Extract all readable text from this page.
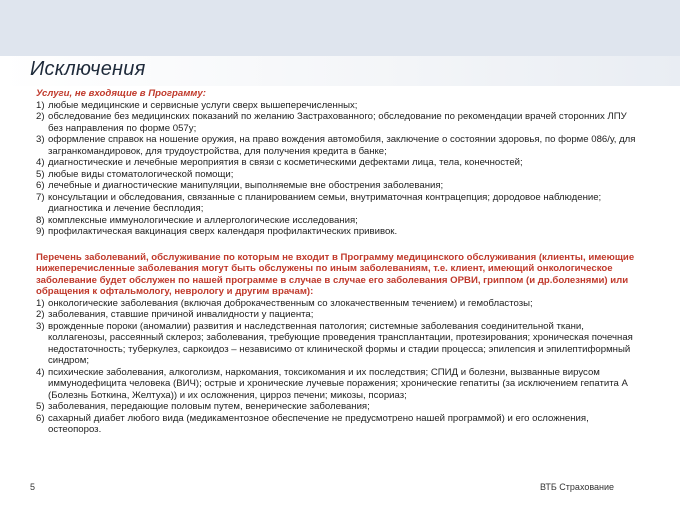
Исключения
Услуги, не входящие в Программу:
1) любые медицинские и сервисные услуги сверх вышеперечисленных;
2) обследование без медицинских показаний по желанию Застрахованного; обследование по рекомендации врачей сторонних ЛПУ без направления по форме 057у;
3) оформление справок на ношение оружия, на право вождения автомобиля, заключение о состоянии здоровья, по форме 086/у, для загранкомандировок, для трудоустройства, для получения кредита в банке;
4) диагностические и лечебные мероприятия в связи с косметическими дефектами лица, тела, конечностей;
5) любые виды стоматологической помощи;
6) лечебные и диагностические манипуляции, выполняемые вне обострения заболевания;
7) консультации и обследования, связанные с планированием семьи, внутриматочная контрацепция; дородовое наблюдение; диагностика и лечение бесплодия;
8) комплексные иммунологические и аллергологические исследования;
9) профилактическая вакцинация сверх календаря профилактических прививок.
Перечень заболеваний, обслуживание по которым не входит в Программу медицинского обслуживания (клиенты, имеющие нижеперечисленные заболевания могут быть обслужены по иным заболеваниям, т.е. клиент, имеющий онкологическое заболевание будет обслужен по нашей программе в случае в случае его заболевания ОРВИ, гриппом (и др.болезнями) или обращения к офтальмологу, неврологу и другим врачам):
1) онкологические заболевания (включая доброкачественным со злокачественным течением) и гемобластозы;
2) заболевания, ставшие причиной инвалидности у пациента;
3) врожденные пороки (аномалии) развития и наследственная патология; системные заболевания соединительной ткани, коллагенозы, рассеянный склероз; заболевания, требующие проведения трансплантации, протезирования; хроническая почечная недостаточность; туберкулез, саркоидоз – независимо от клинической формы и стадии процесса; эпилепсия и эпилептиформный синдром;
4) психические заболевания, алкоголизм, наркомания, токсикомания и их последствия; СПИД и болезни, вызванные вирусом иммунодефицита человека (ВИЧ); острые и хронические лучевые поражения; хронические гепатиты (за исключением гепатита А (Болезнь Боткина, Желтуха)) и их осложнения, цирроз печени; микозы, псориаз;
5) заболевания, передающие половым путем, венерические заболевания;
6) сахарный диабет любого вида (медикаментозное обеспечение не предусмотрено нашей программой) и его осложнения, остеопороз.
5	ВТБ Страхование
